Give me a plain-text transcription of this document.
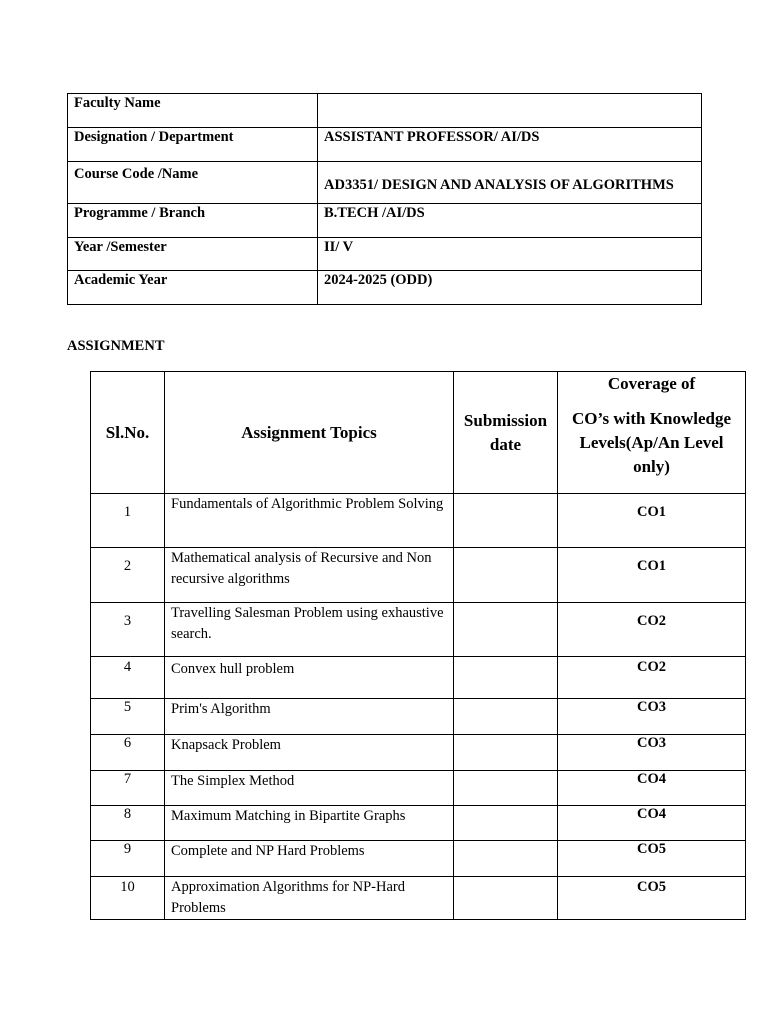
Faculty Name	

Designation / Department	ASSISTANT PROFESSOR/ AI/DS

Course Code /Name	AD3351/ DESIGN AND ANALYSIS OF ALGORITHMS

Programme / Branch	B.TECH /AI/DS

Year /Semester	II/ V

Academic Year	2024-2025 (ODD)

ASSIGNMENT

Sl.No.	Assignment Topics	Submission date	Coverage of
CO’s with Knowledge Levels(Ap/An Level only)

1	Fundamentals of Algorithmic Problem Solving		CO1
2	Mathematical analysis of Recursive and Non recursive algorithms		CO1
3	Travelling Salesman Problem using exhaustive search.		CO2
4	Convex hull problem		CO2
5	Prim's Algorithm		CO3
6	Knapsack Problem		CO3
7	The Simplex Method		CO4
8	Maximum Matching in Bipartite Graphs		CO4
9	Complete and NP Hard Problems		CO5
10	Approximation Algorithms for NP-Hard Problems		CO5
